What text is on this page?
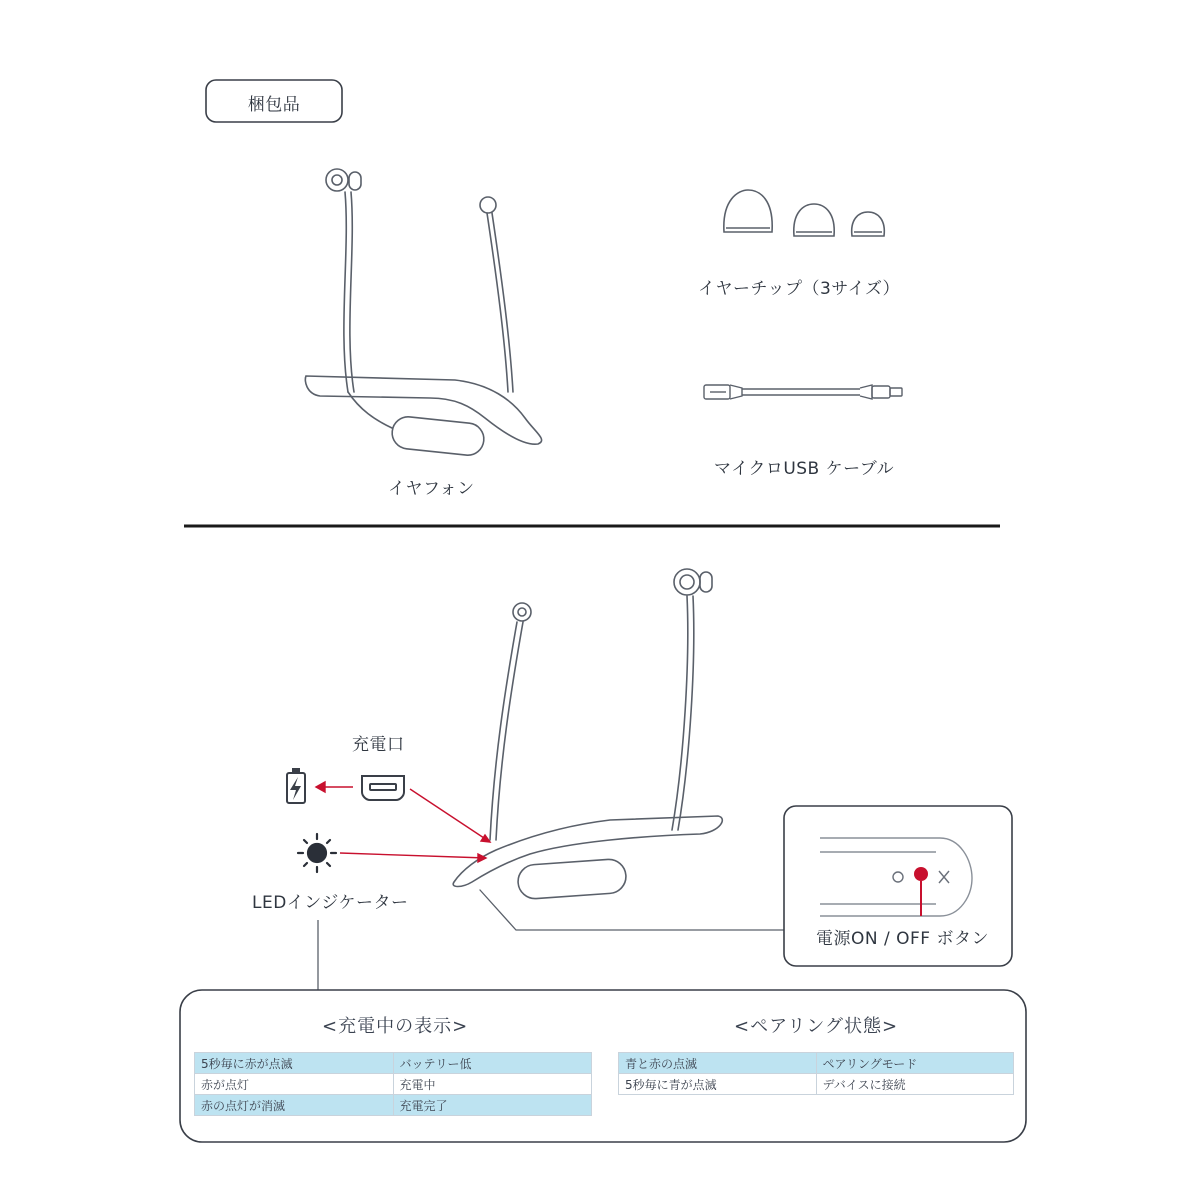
梱包品
イヤフォン
イヤーチップ（3サイズ）
マイクロUSB ケーブル
充電口
LEDインジケーター
電源ON / OFF ボタン
<充電中の表示>
5秒毎に赤が点滅	バッテリー低
赤が点灯	充電中
赤の点灯が消滅	充電完了
<ペアリング状態>
青と赤の点滅	ペアリングモード
5秒毎に青が点滅	デバイスに接続
